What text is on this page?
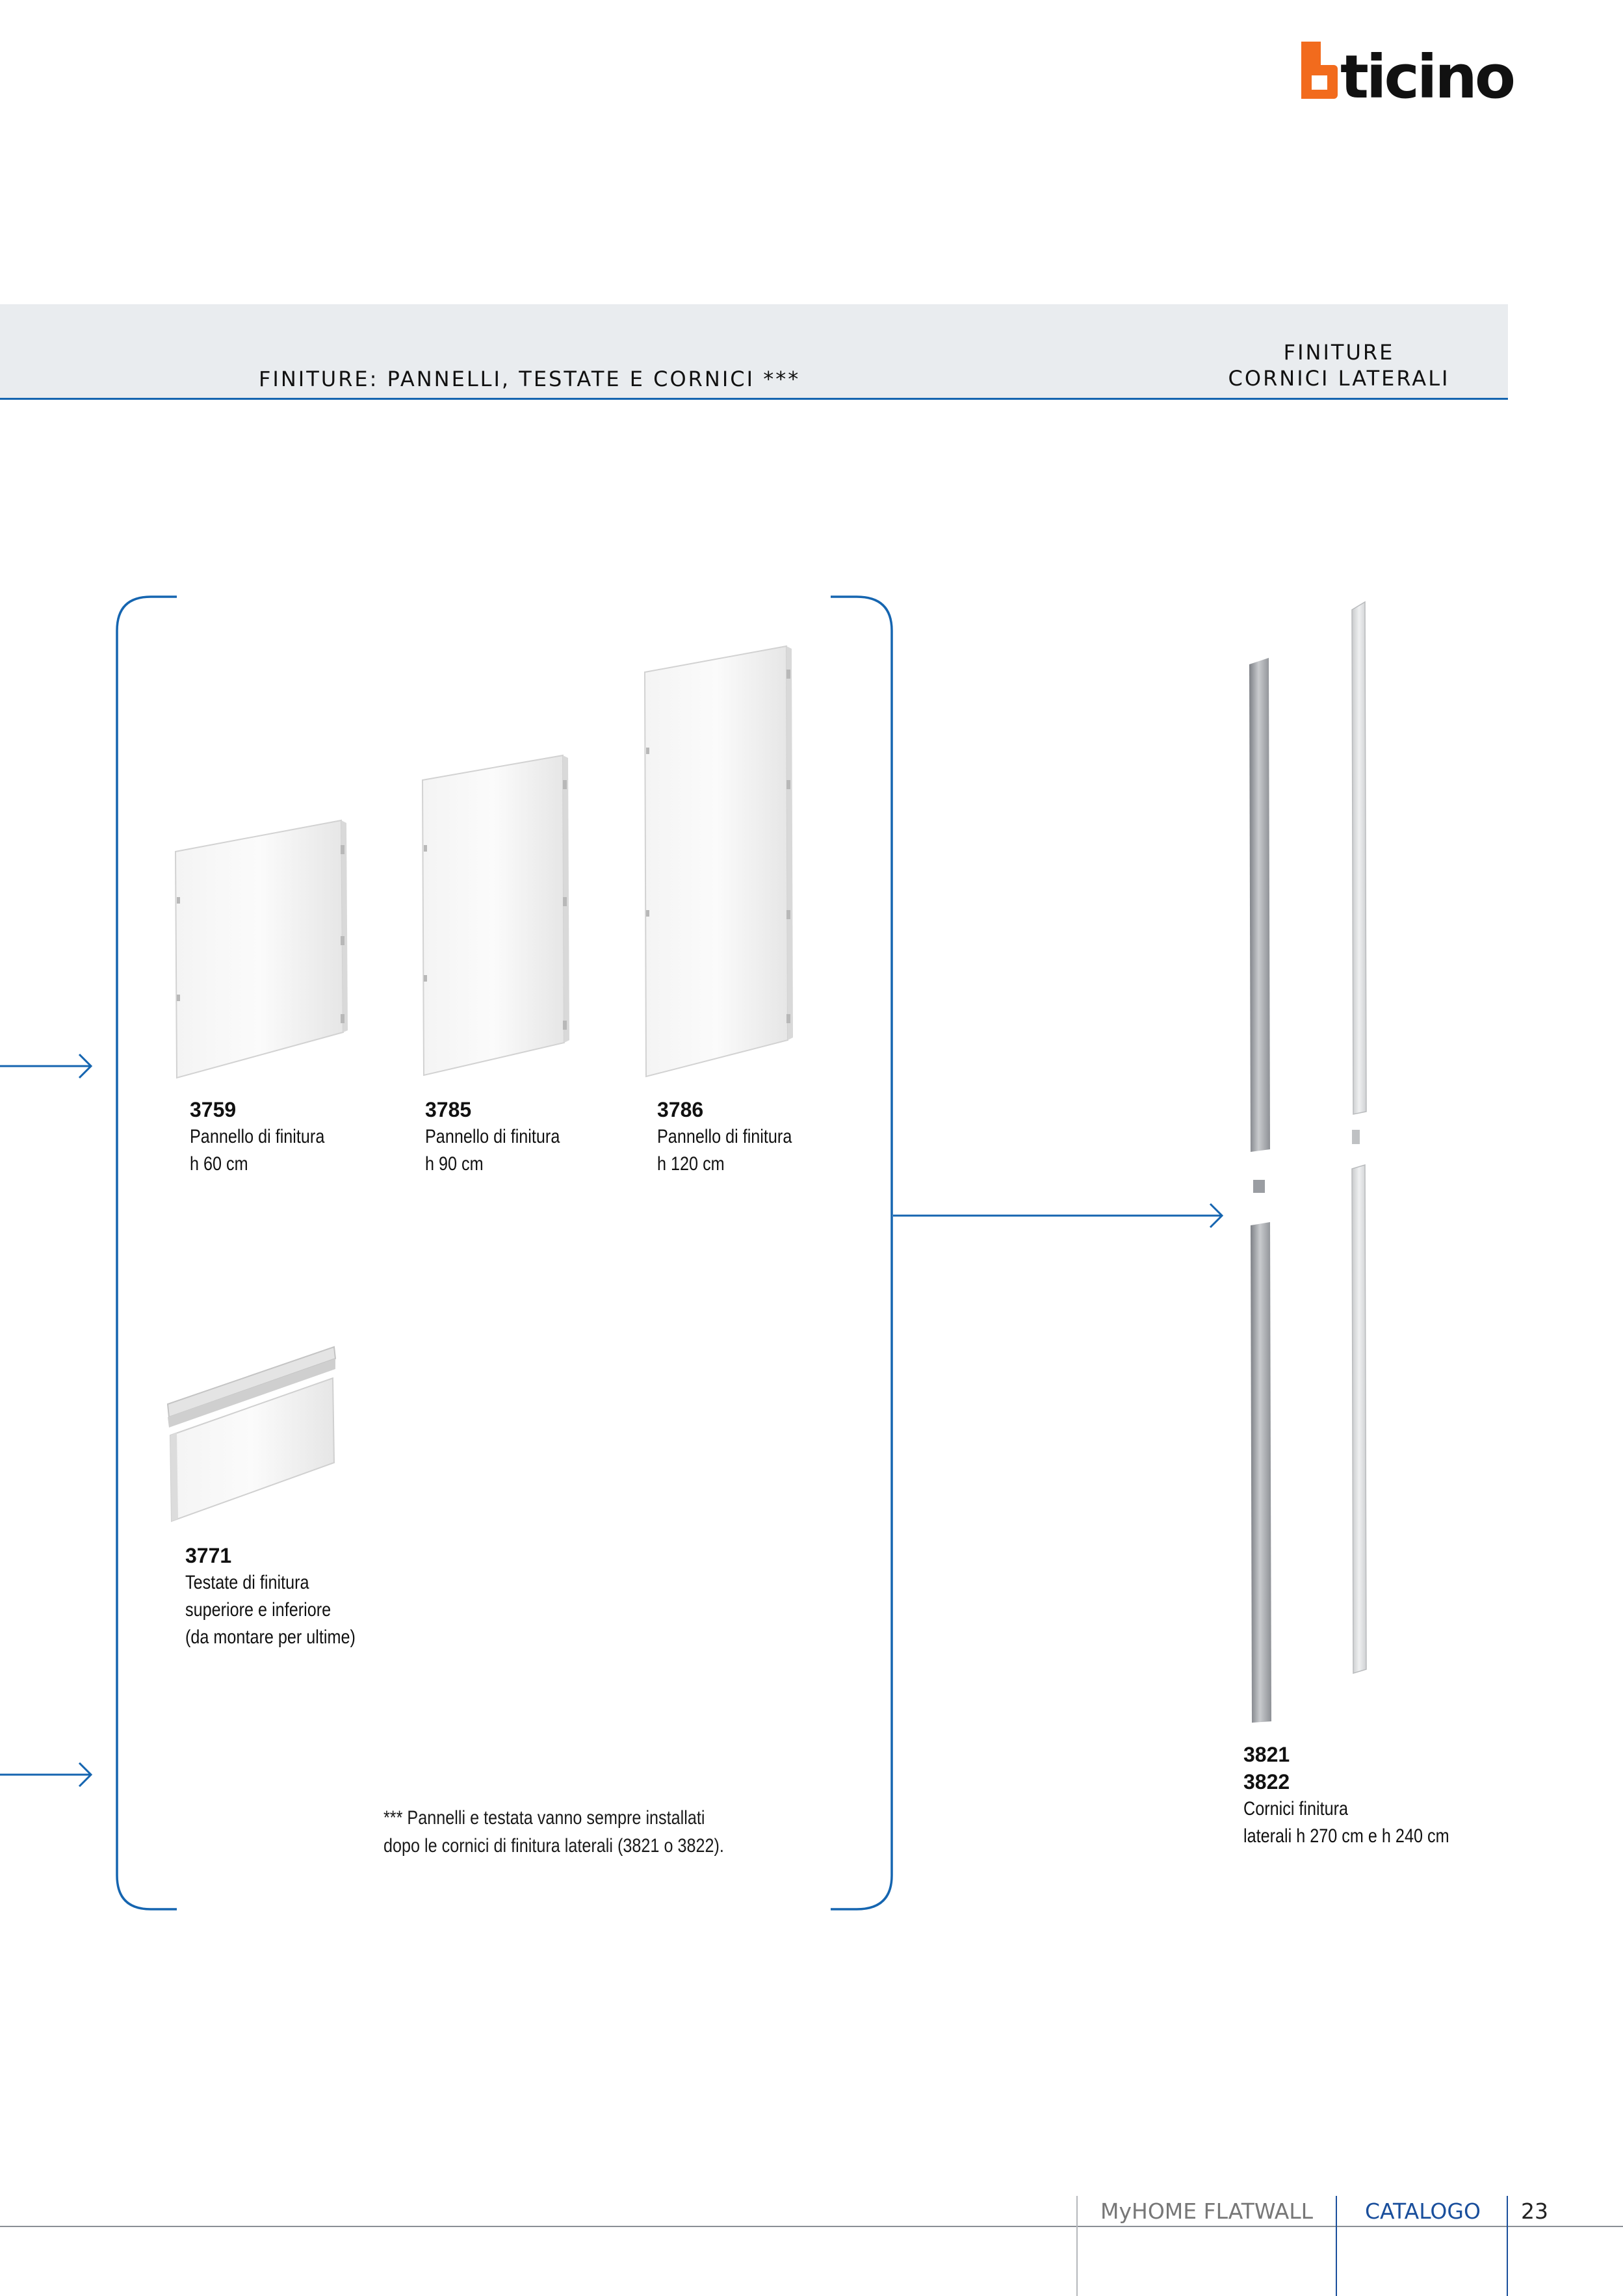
ticino
FINITURE: PANNELLI, TESTATE E CORNICI ***
FINITURE
CORNICI LATERALI
3759
Pannello di finitura
h 60 cm
3785
Pannello di finitura
h 90 cm
3786
Pannello di finitura
h 120 cm
3771
Testate di finitura
superiore e inferiore
(da montare per ultime)
3821
3822
Cornici finitura
laterali h 270 cm e h 240 cm
*** Pannelli e testata vanno sempre installati
dopo le cornici di finitura laterali (3821 o 3822).
MyHOME FLATWALL CATALOGO 23
